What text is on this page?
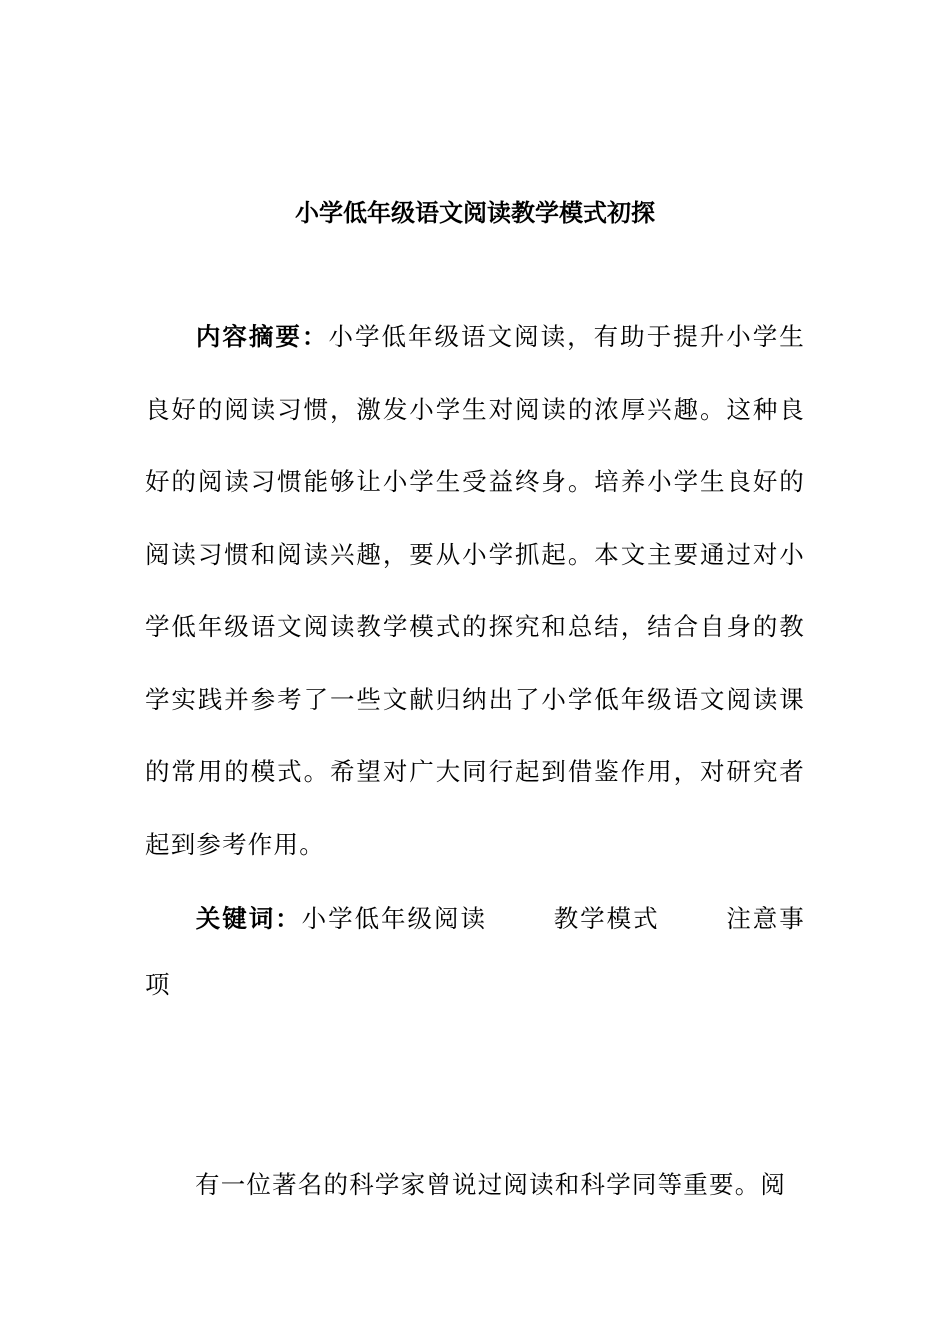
小学低年级语文阅读教学模式初探
内容摘要：小学低年级语文阅读，有助于提升小学生良好的阅读习惯，激发小学生对阅读的浓厚兴趣。这种良好的阅读习惯能够让小学生受益终身。培养小学生良好的阅读习惯和阅读兴趣，要从小学抓起。本文主要通过对小学低年级语文阅读教学模式的探究和总结，结合自身的教学实践并参考了一些文献归纳出了小学低年级语文阅读课的常用的模式。希望对广大同行起到借鉴作用，对研究者起到参考作用。
关键词：小学低年级阅读	教学模式	注意事项
有一位著名的科学家曾说过阅读和科学同等重要。阅
